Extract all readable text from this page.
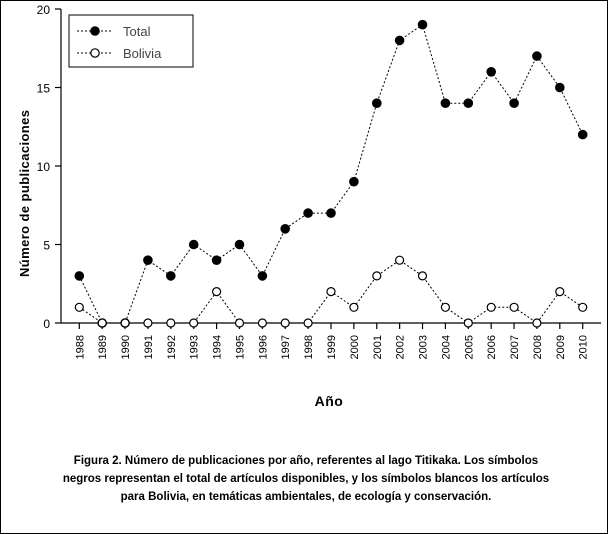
0
5
10
15
20
1988 1989 1990 1991 1992 1993 1994 1995 1996 1997 1998 1999 2000 2001 2002 2003 2004 2005 2006 2007 2008 2009 2010
Total
Bolivia
Número de publicaciones
Año
Figura 2. Número de publicaciones por año, referentes al lago Titikaka. Los símbolos negros representan el total de artículos disponibles, y los símbolos blancos los artículos para Bolivia, en temáticas ambientales, de ecología y conservación.
